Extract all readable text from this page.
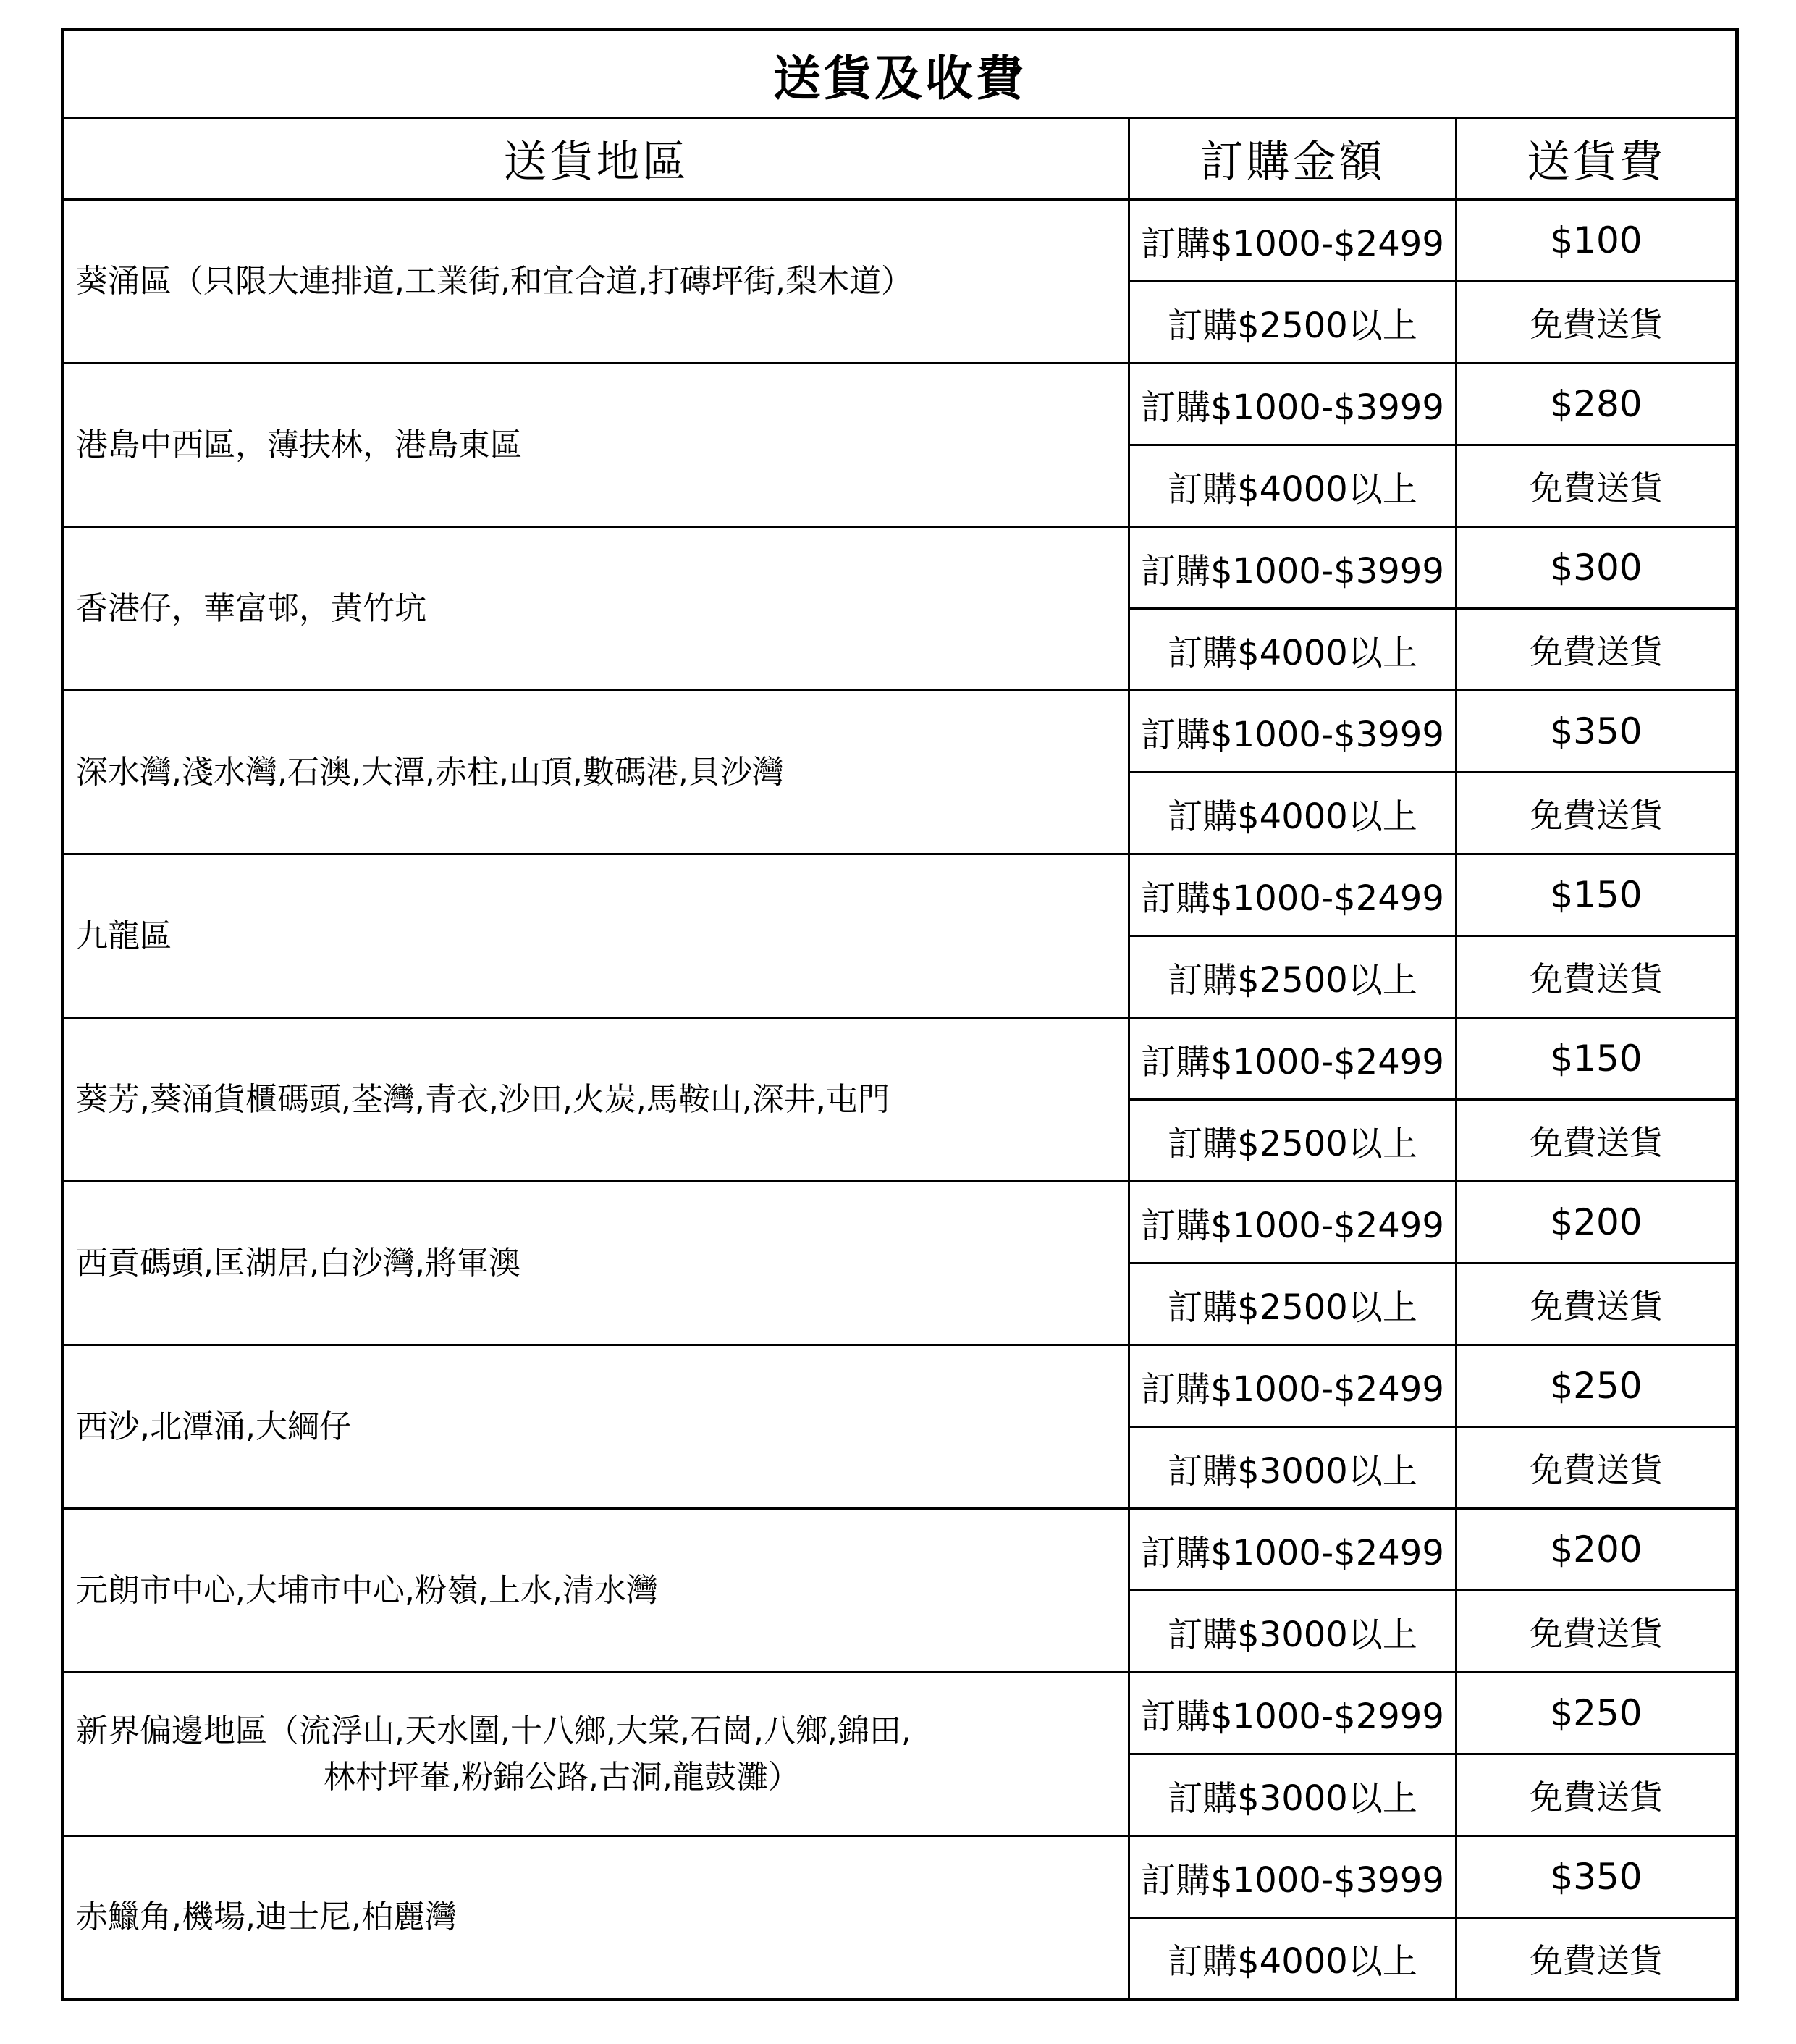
送貨及收費		
送貨地區	訂購金額	送貨費
葵涌區（只限大連排道,工業街,和宜合道,打磚坪街,梨木道）	訂購$1000-$2499	$100
	訂購$2500以上	免費送貨
港島中西區，薄扶林，港島東區	訂購$1000-$3999	$280
	訂購$4000以上	免費送貨
香港仔，華富邨，黃竹坑	訂購$1000-$3999	$300
	訂購$4000以上	免費送貨
深水灣,淺水灣,石澳,大潭,赤柱,山頂,數碼港,貝沙灣	訂購$1000-$3999	$350
	訂購$4000以上	免費送貨
九龍區	訂購$1000-$2499	$150
	訂購$2500以上	免費送貨
葵芳,葵涌貨櫃碼頭,荃灣,青衣,沙田,火炭,馬鞍山,深井,屯門	訂購$1000-$2499	$150
	訂購$2500以上	免費送貨
西貢碼頭,匡湖居,白沙灣,將軍澳	訂購$1000-$2499	$200
	訂購$2500以上	免費送貨
西沙,北潭涌,大綱仔	訂購$1000-$2499	$250
	訂購$3000以上	免費送貨
元朗市中心,大埔市中心,粉嶺,上水,清水灣	訂購$1000-$2499	$200
	訂購$3000以上	免費送貨

新界偏邊地區（流浮山,天水圍,十八鄉,大棠,石崗,八鄉,錦田,
林村坪輋,粉錦公路,古洞,龍鼓灘）	訂購$1000-$2999	$250
	訂購$3000以上	免費送貨
赤鱲角,機場,迪士尼,柏麗灣	訂購$1000-$3999	$350
	訂購$4000以上	免費送貨
